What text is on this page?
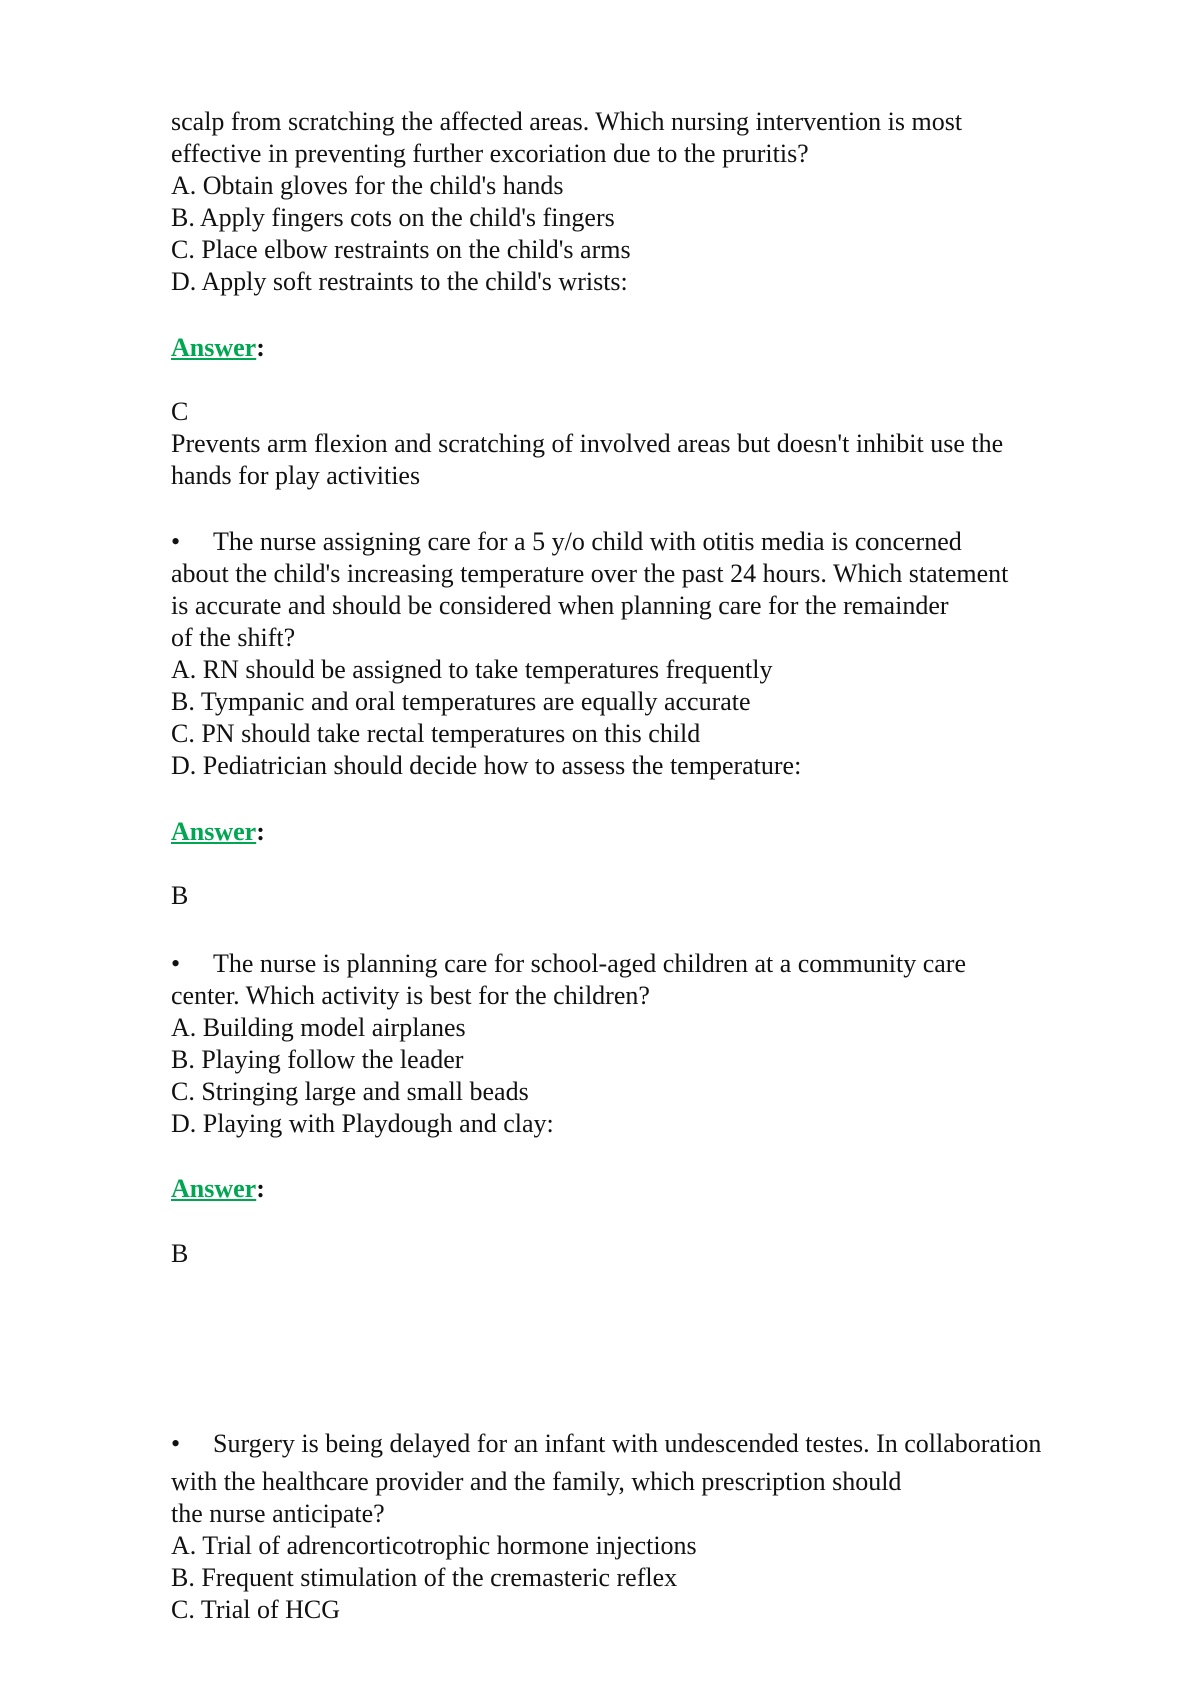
scalp from scratching the affected areas. Which nursing intervention is most
effective in preventing further excoriation due to the pruritis?
A. Obtain gloves for the child's hands
B. Apply fingers cots on the child's fingers
C. Place elbow restraints on the child's arms
D. Apply soft restraints to the child's wrists:
Answer:
C
Prevents arm flexion and scratching of involved areas but doesn't inhibit use the
hands for play activities
• The nurse assigning care for a 5 y/o child with otitis media is concerned
about the child's increasing temperature over the past 24 hours. Which statement
is accurate and should be considered when planning care for the remainder
of the shift?
A. RN should be assigned to take temperatures frequently
B. Tympanic and oral temperatures are equally accurate
C. PN should take rectal temperatures on this child
D. Pediatrician should decide how to assess the temperature:
Answer:
B
• The nurse is planning care for school-aged children at a community care
center. Which activity is best for the children?
A. Building model airplanes
B. Playing follow the leader
C. Stringing large and small beads
D. Playing with Playdough and clay:
Answer:
B
• Surgery is being delayed for an infant with undescended testes. In collaboration
with the healthcare provider and the family, which prescription should
the nurse anticipate?
A. Trial of adrencorticotrophic hormone injections
B. Frequent stimulation of the cremasteric reflex
C. Trial of HCG
